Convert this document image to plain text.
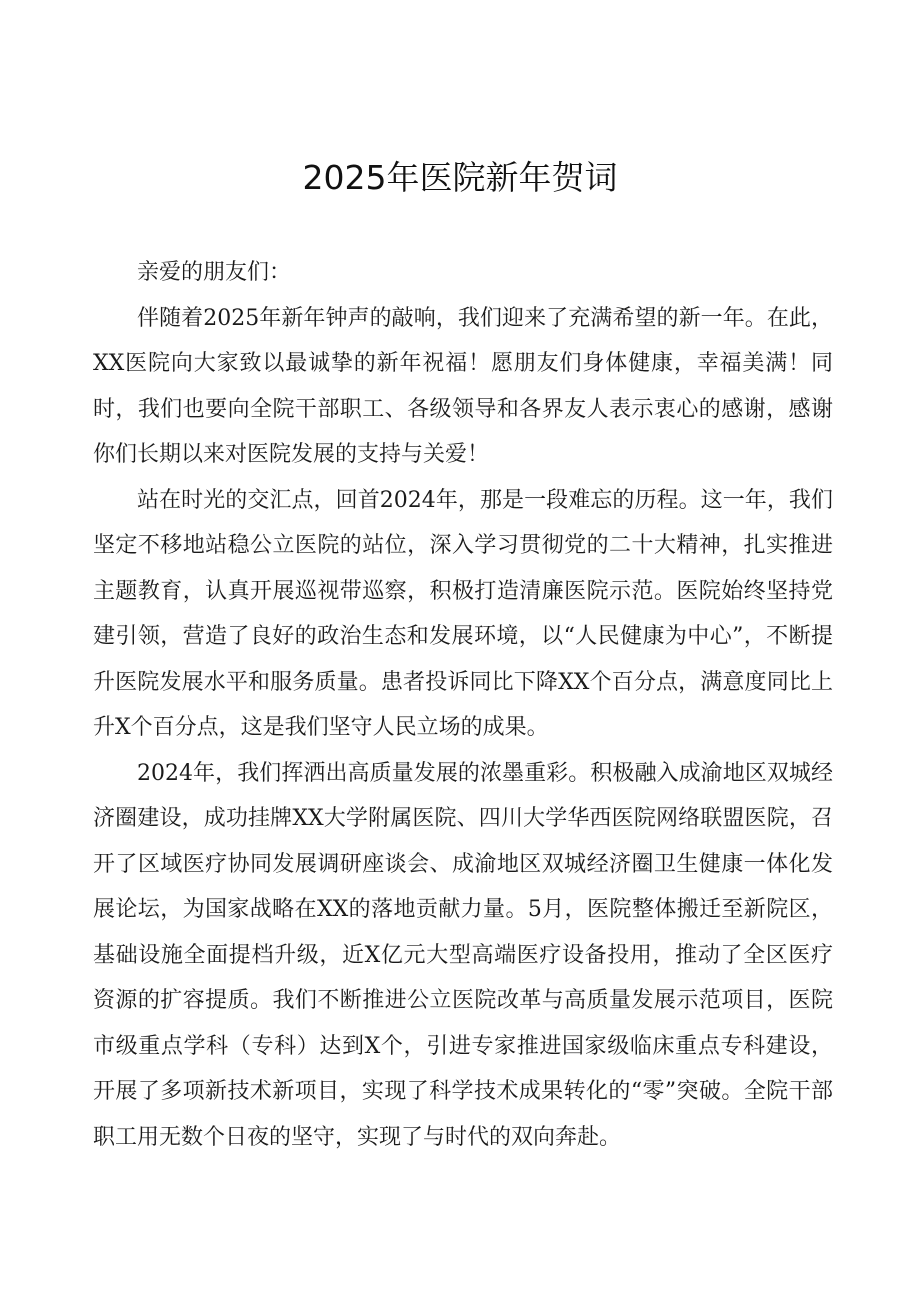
2025年医院新年贺词

亲爱的朋友们：

伴随着2025年新年钟声的敲响，我们迎来了充满希望的新一年。在此，XX医院向大家致以最诚挚的新年祝福！愿朋友们身体健康，幸福美满！同时，我们也要向全院干部职工、各级领导和各界友人表示衷心的感谢，感谢你们长期以来对医院发展的支持与关爱！

站在时光的交汇点，回首2024年，那是一段难忘的历程。这一年，我们坚定不移地站稳公立医院的站位，深入学习贯彻党的二十大精神，扎实推进主题教育，认真开展巡视带巡察，积极打造清廉医院示范。医院始终坚持党建引领，营造了良好的政治生态和发展环境，以“人民健康为中心”，不断提升医院发展水平和服务质量。患者投诉同比下降XX个百分点，满意度同比上升X个百分点，这是我们坚守人民立场的成果。

2024年，我们挥洒出高质量发展的浓墨重彩。积极融入成渝地区双城经济圈建设，成功挂牌XX大学附属医院、四川大学华西医院网络联盟医院，召开了区域医疗协同发展调研座谈会、成渝地区双城经济圈卫生健康一体化发展论坛，为国家战略在XX的落地贡献力量。5月，医院整体搬迁至新院区，基础设施全面提档升级，近X亿元大型高端医疗设备投用，推动了全区医疗资源的扩容提质。我们不断推进公立医院改革与高质量发展示范项目，医院市级重点学科（专科）达到X个，引进专家推进国家级临床重点专科建设，开展了多项新技术新项目，实现了科学技术成果转化的“零”突破。全院干部职工用无数个日夜的坚守，实现了与时代的双向奔赴。
